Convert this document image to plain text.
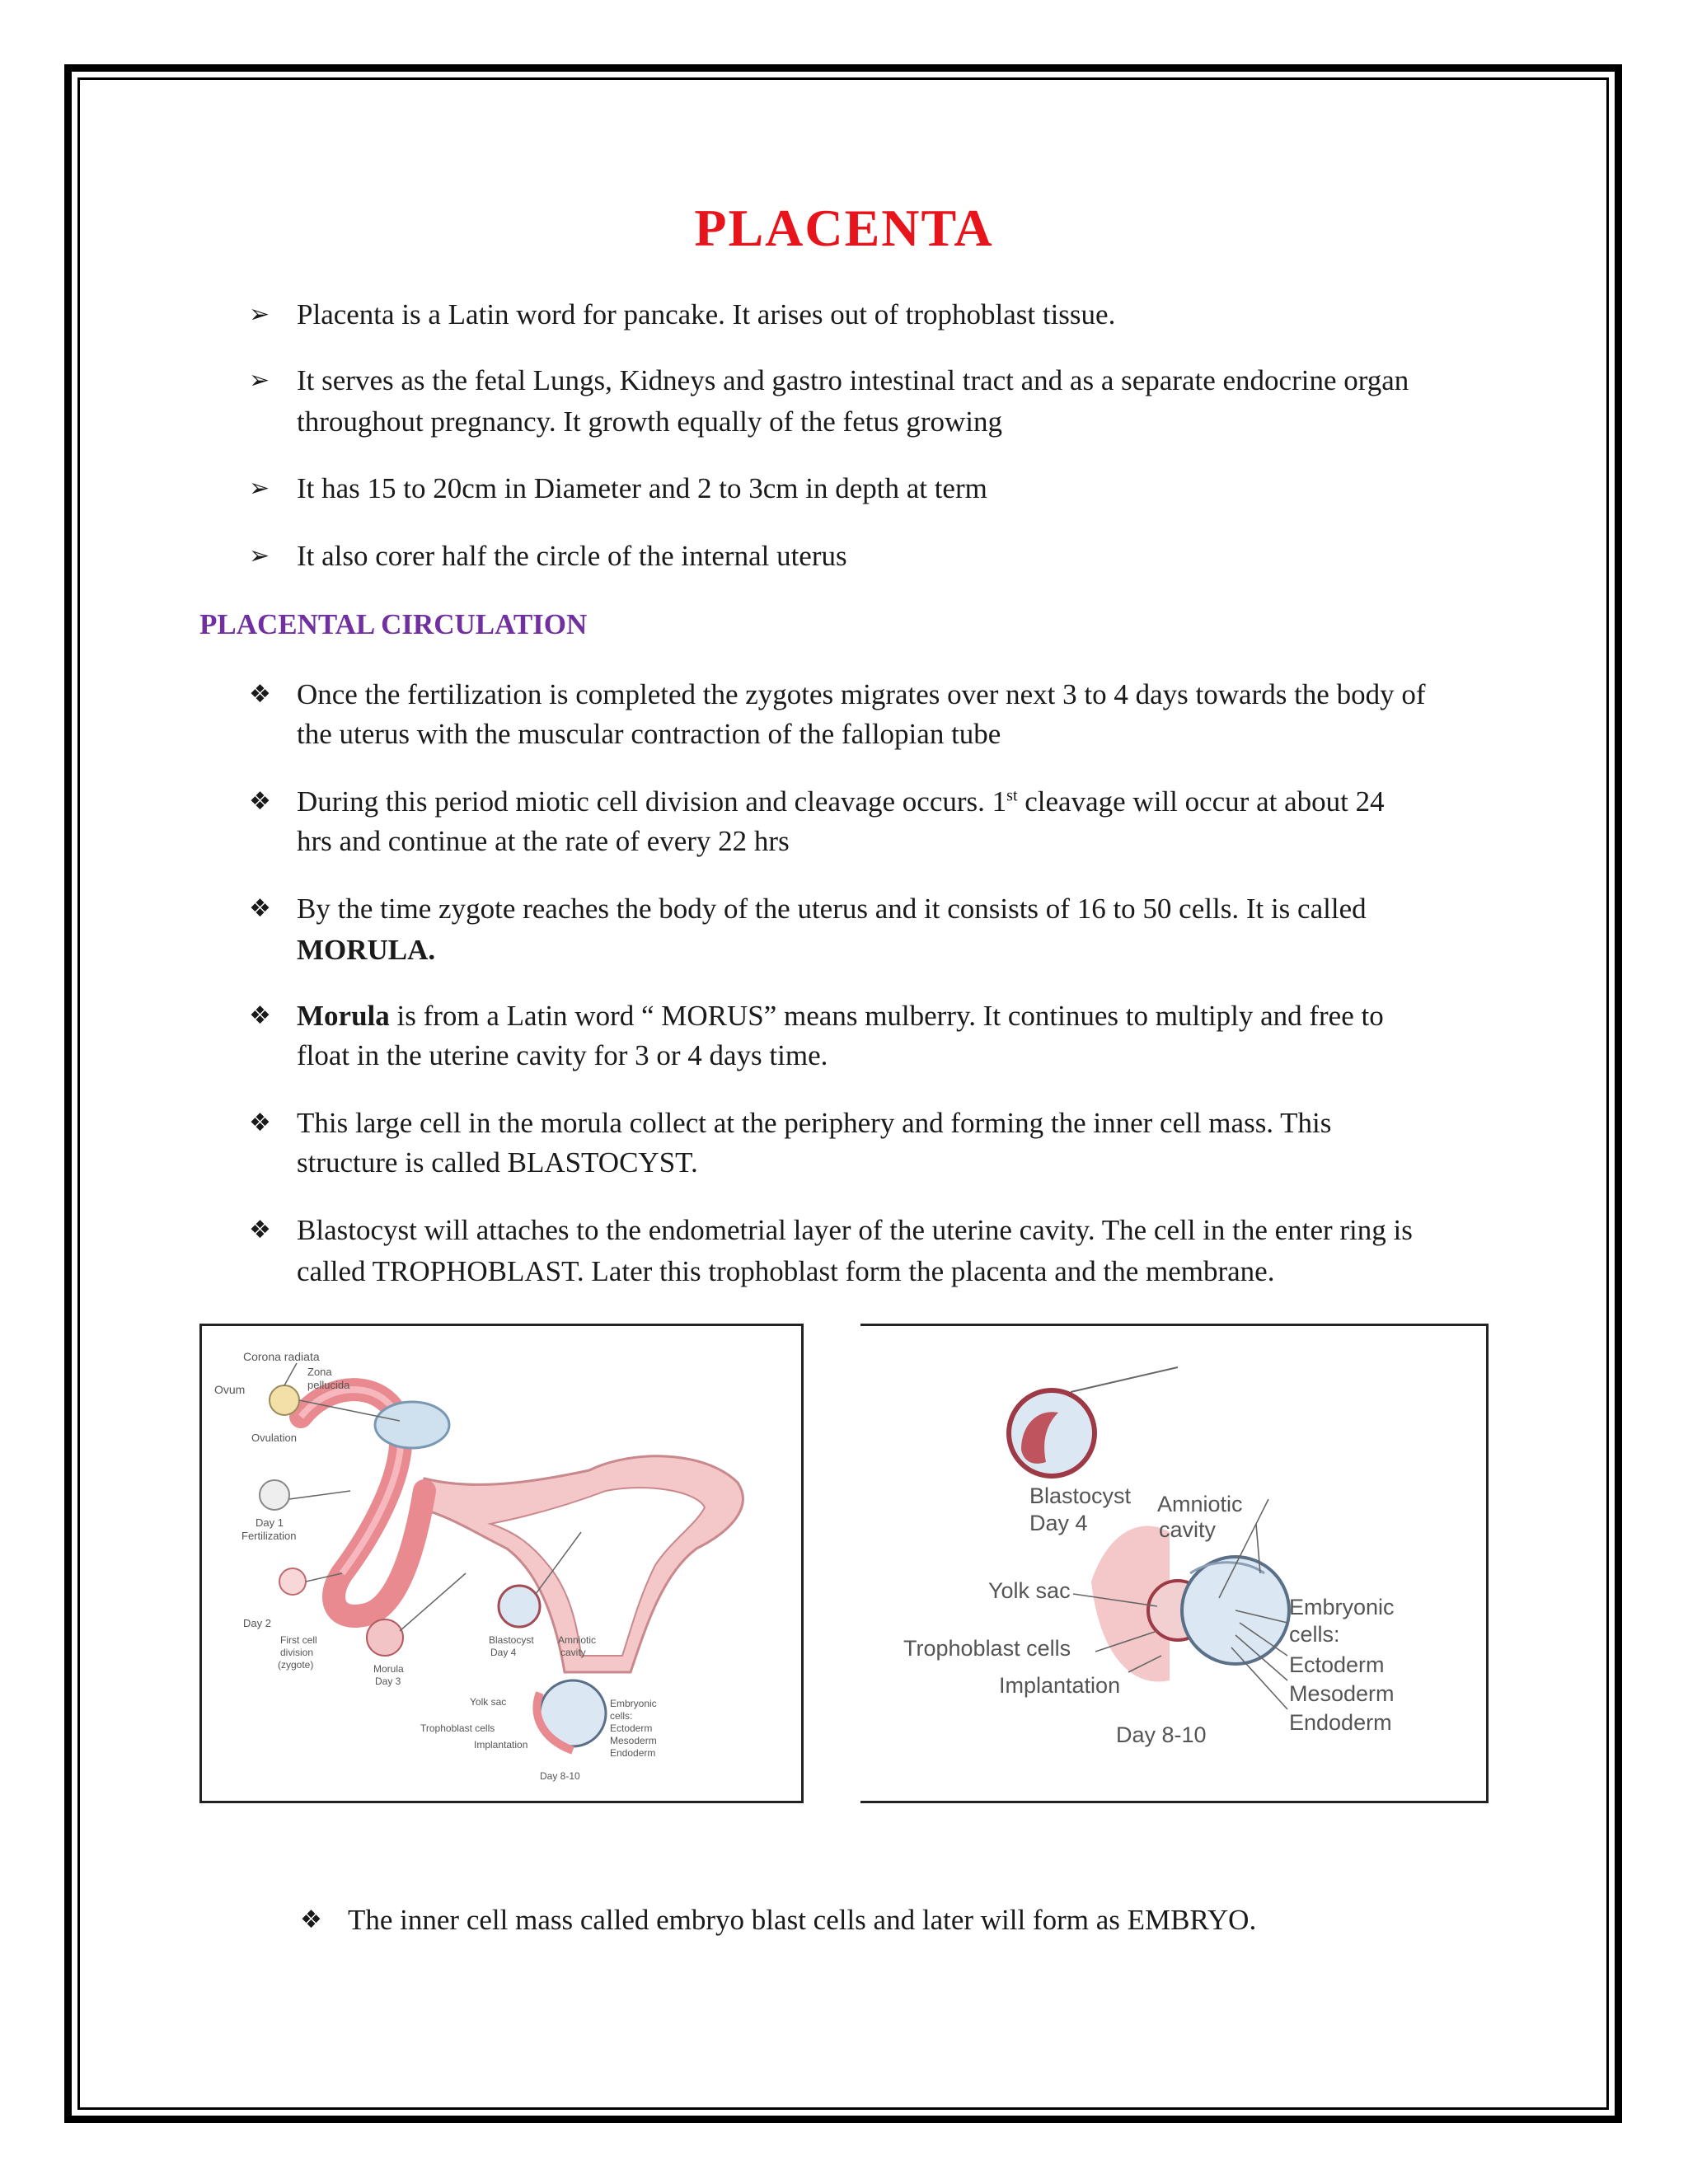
PLACENTA
➢ Placenta is a Latin word for pancake. It arises out of trophoblast tissue.
➢ It serves as the fetal Lungs, Kidneys and gastro intestinal tract and as a separate endocrine organ
throughout pregnancy. It growth equally of the fetus growing
➢ It has 15 to 20cm in Diameter and 2 to 3cm in depth at term
➢ It also corer half the circle of the internal uterus
PLACENTAL CIRCULATION
❖ Once the fertilization is completed the zygotes migrates over next 3 to 4 days towards the body of
the uterus with the muscular contraction of the fallopian tube
❖ During this period miotic cell division and cleavage occurs. 1st cleavage will occur at about 24
hrs and continue at the rate of every 22 hrs
❖ By the time zygote reaches the body of the uterus and it consists of 16 to 50 cells. It is called
MORULA.
❖ Morula is from a Latin word “ MORUS” means mulberry. It continues to multiply and free to
float in the uterine cavity for 3 or 4 days time.
❖ This large cell in the morula collect at the periphery and forming the inner cell mass. This
structure is called BLASTOCYST.
❖ Blastocyst will attaches to the endometrial layer of the uterine cavity. The cell in the enter ring is
called TROPHOBLAST. Later this trophoblast form the placenta and the membrane.
Corona radiata
Zona
pellucida
Ovum
Ovulation
Day 1
Fertilization
Day 2
First cell
division
(zygote)	Morula
Day 3
Blastocyst
Day 4
Amniotic
cavity
Yolk sac
Trophoblast cells
Implantation
Embryonic
cells:
Ectoderm
Mesoderm
Endoderm
Day 8-10
Blastocyst
Day 4
Amniotic
cavity
Yolk sac
Trophoblast cells
Implantation
Embryonic
cells:
Ectoderm
Mesoderm
Endoderm
Day 8-10
❖ The inner cell mass called embryo blast cells and later will form as EMBRYO.
